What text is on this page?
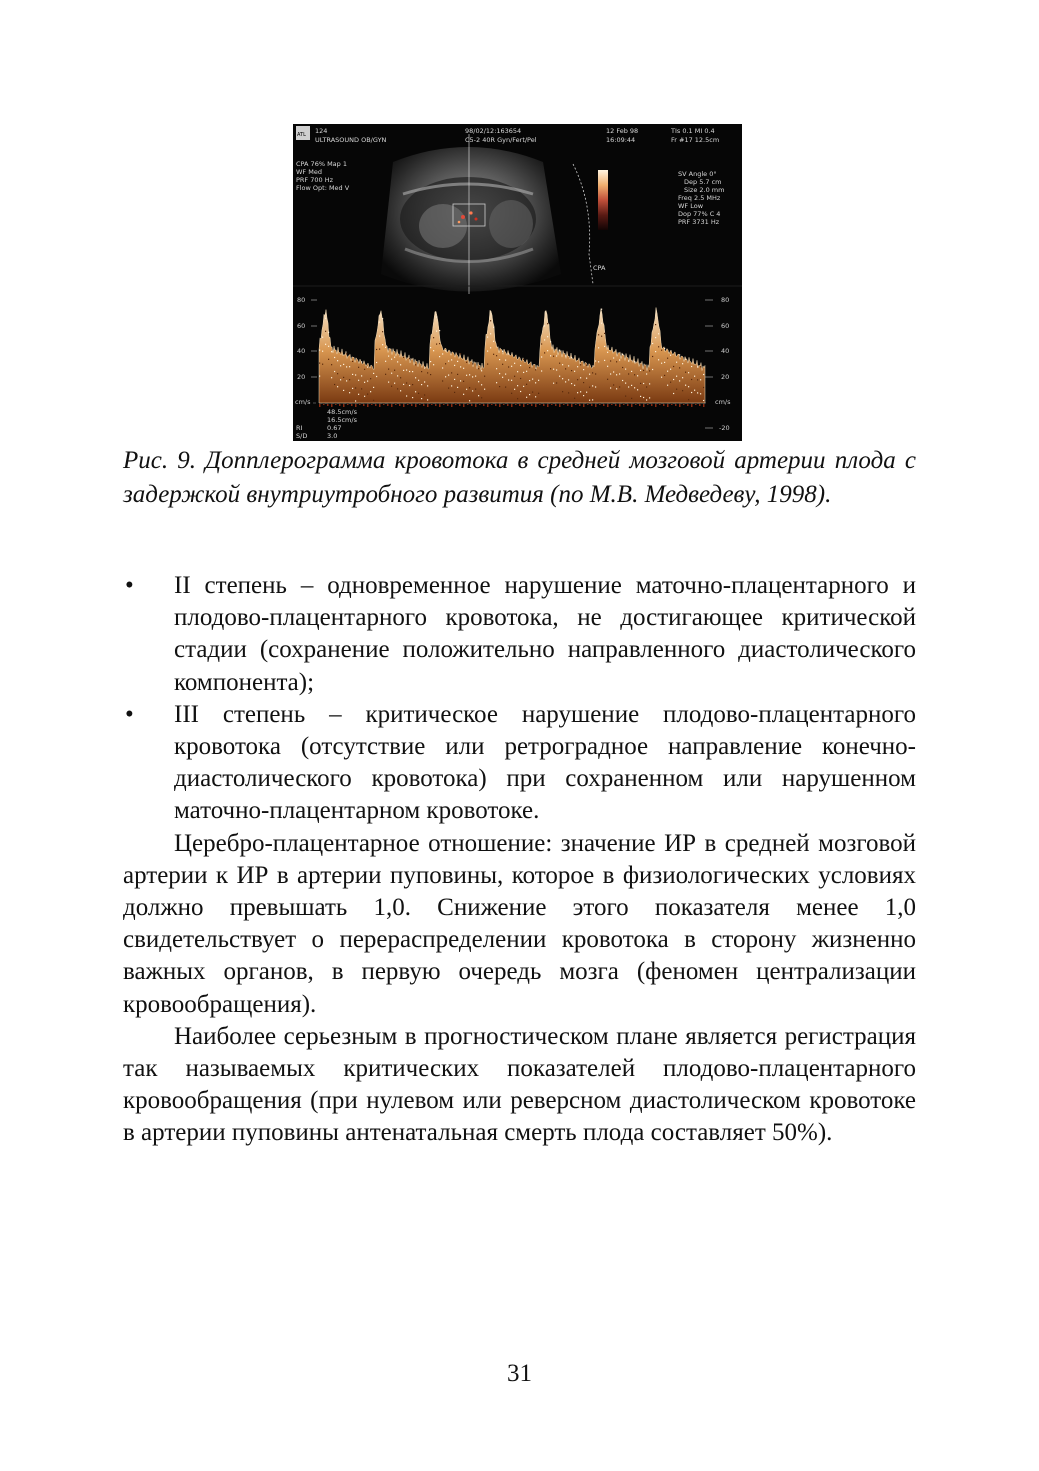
ATL 124
ULTRASOUND OB/GYN
98/02/12:163654
C5-2 40R Gyn/Fert/Pel
12 Feb 98
16:09:44
TIs 0.1 MI 0.4
Fr #17 12.5cm
CPA 76% Map 1
WF Med
PRF 700 Hz
Flow Opt: Med V
CPA
SV Angle 0°
Dep 5.7 cm
Size 2.0 mm
Freq 2.5 MHz
WF Low
Dop 77% C 4
PRF 3731 Hz
80
60
40
20
cm/s
80
60
40
20
cm/s
-20
RI
S/D
48.5cm/s
16.5cm/s
0.67
3.0

Рис. 9. Допплерограмма кровотока в средней мозговой артерии плода с задержкой внутриутробного развития (по М.В. Медведеву, 1998).

• II степень – одновременное нарушение маточно-плацентарного и плодово-плацентарного кровотока, не достигающее критической стадии (сохранение положительно направленного диастолического компонента);

• III степень – критическое нарушение плодово-плацентарного кровотока (отсутствие или ретроградное направление конечно-диастолического кровотока) при сохраненном или нарушенном маточно-плацентарном кровотоке.

Церебро-плацентарное отношение: значение ИР в средней мозговой артерии к ИР в артерии пуповины, которое в физиологических условиях должно превышать 1,0. Снижение этого показателя менее 1,0 свидетельствует о перераспределении кровотока в сторону жизненно важных органов, в первую очередь мозга (феномен централизации кровообращения).

Наиболее серьезным в прогностическом плане является регистрация так называемых критических показателей плодово-плацентарного кровообращения (при нулевом или реверсном диастолическом кровотоке в артерии пуповины антенатальная смерть плода составляет 50%).

31
